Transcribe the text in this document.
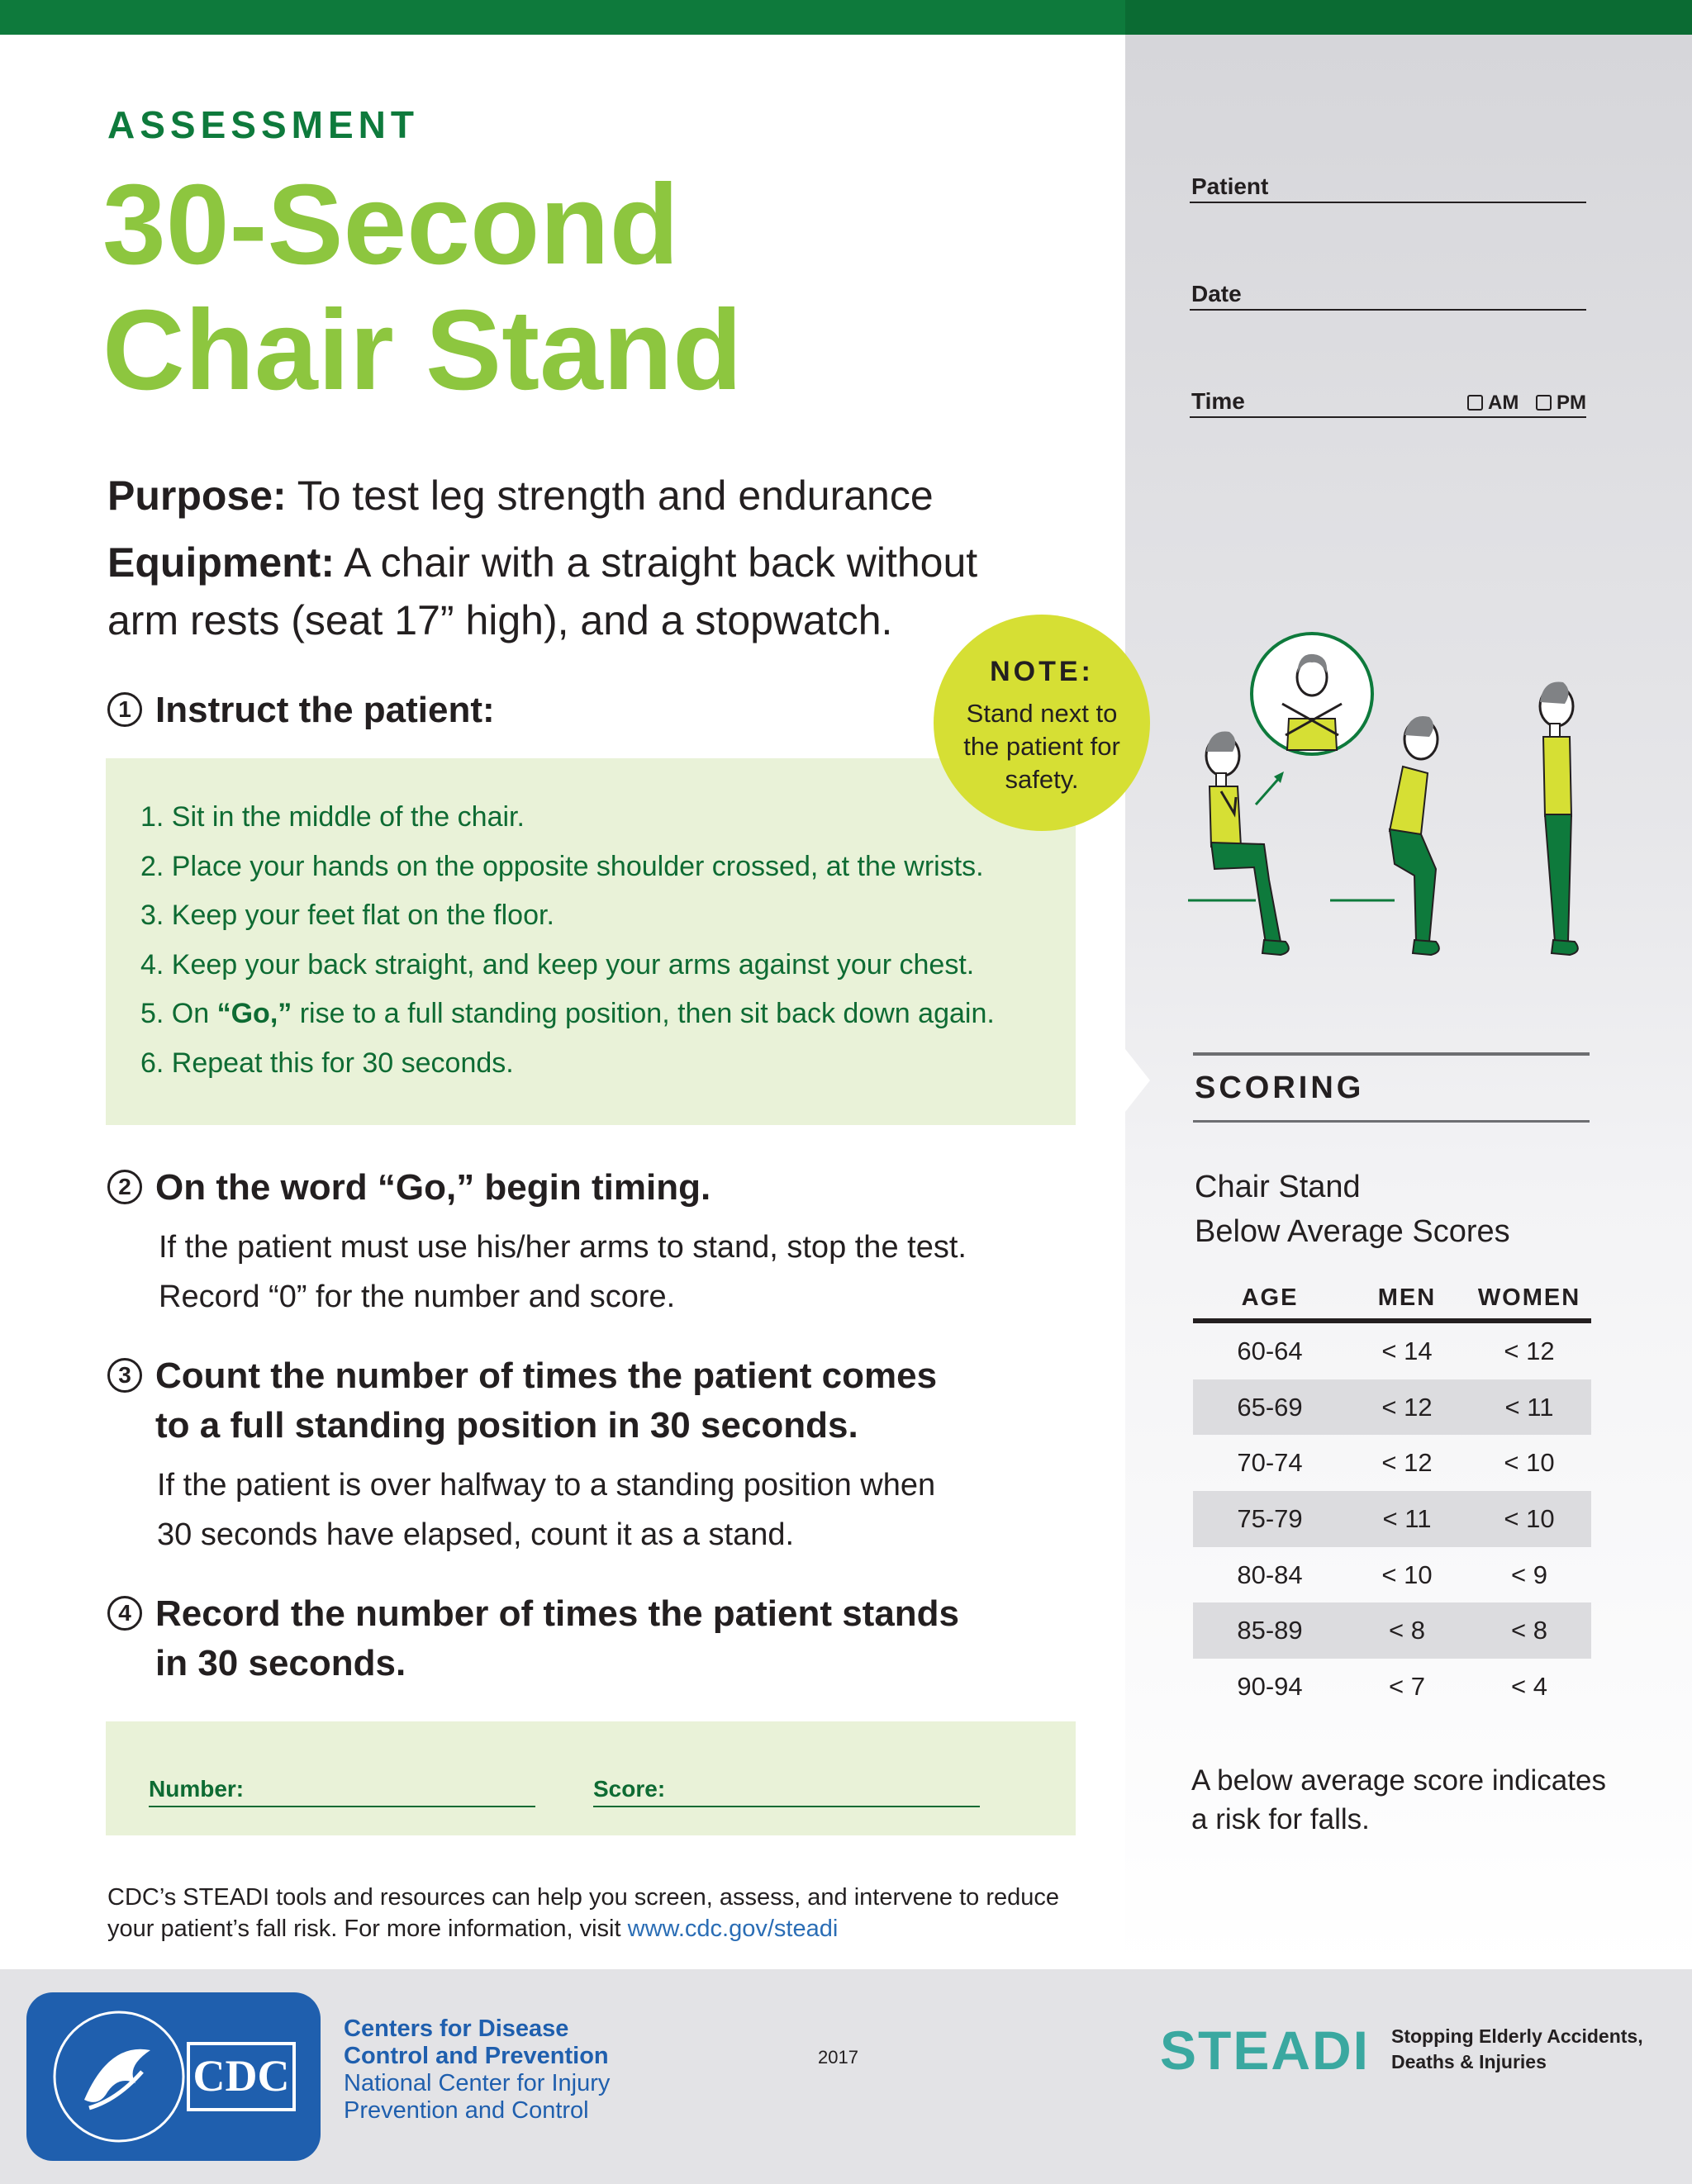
ASSESSMENT
30-Second
Chair Stand
Purpose: To test leg strength and endurance
Equipment: A chair with a straight back without arm rests (seat 17” high), and a stopwatch.
1 Instruct the patient:
1. Sit in the middle of the chair.
2. Place your hands on the opposite shoulder crossed, at the wrists.
3. Keep your feet flat on the floor.
4. Keep your back straight, and keep your arms against your chest.
5. On “Go,” rise to a full standing position, then sit back down again.
6. Repeat this for 30 seconds.
NOTE:
Stand next to the patient for safety.
2 On the word “Go,” begin timing.
If the patient must use his/her arms to stand, stop the test.
Record “0” for the number and score.
3 Count the number of times the patient comes
to a full standing position in 30 seconds.
If the patient is over halfway to a standing position when
30 seconds have elapsed, count it as a stand.
4 Record the number of times the patient stands
in 30 seconds.
Number:	Score:
CDC’s STEADI tools and resources can help you screen, assess, and intervene to reduce
your patient’s fall risk. For more information, visit www.cdc.gov/steadi
Patient
Date
Time	AM PM
SCORING
Chair Stand
Below Average Scores
AGE	MEN	WOMEN

60-64	< 14	< 12
65-69	< 12	< 11
70-74	< 12	< 10
75-79	< 11	< 10
80-84	< 10	< 9
85-89	< 8	< 8
90-94	< 7	< 4
A below average score indicates
a risk for falls.
CDC
Centers for Disease
Control and Prevention
National Center for Injury
Prevention and Control
2017	STEADI Stopping Elderly Accidents,
Deaths & Injuries
